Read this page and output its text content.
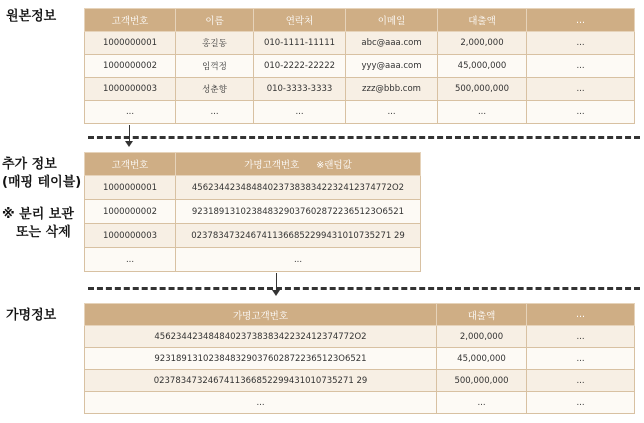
원본정보
추가 정보
(매핑 테이블)
※ 분리 보관
또는 삭제
가명정보
고객번호	이름	연락처	이메일	대출액	...
1000000001	홍길동	010-1111-11111	abc@aaa.com	2,000,000	...
1000000002	임꺽정	010-2222-22222	yyy@aaa.com	45,000,000	...
1000000003	성춘향	010-3333-3333	zzz@bbb.com	500,000,000	...
...	...	...	...	...	...
고객번호	가명고객번호 ※랜덤값
1000000001	4562344234848402373838342232412374772O2
1000000002	9231891310238483290376028722365123O6521
1000000003	0237834732467411366852299431010735271 29
...	...
가명고객번호	대출액	...
4562344234848402373838342232412374772O2	2,000,000	...
9231891310238483290376028722365123O6521	45,000,000	...
0237834732467411366852299431010735271 29	500,000,000	...
...	...	...
